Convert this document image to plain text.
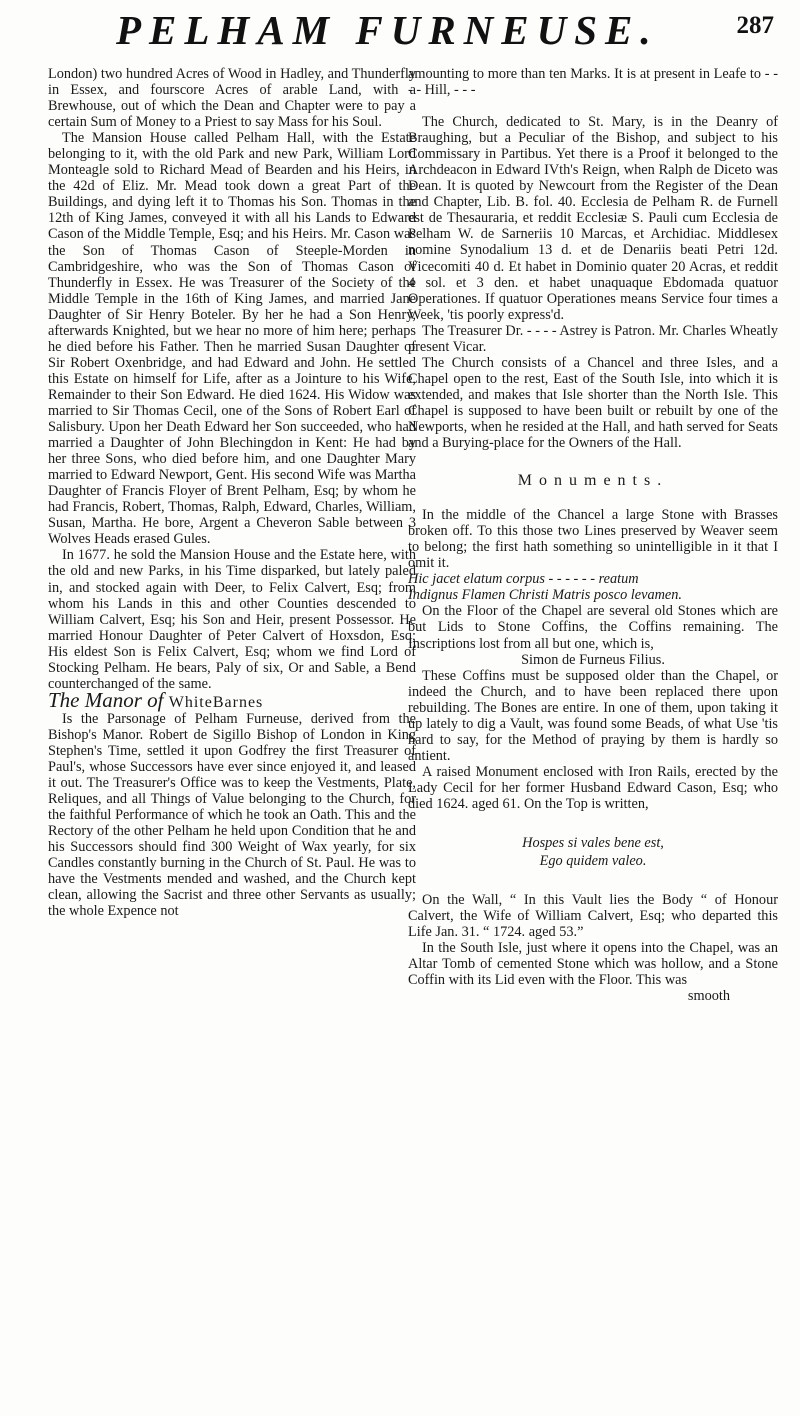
PELHAM FURNEUSE.	287

London) two hundred Acres of Wood in Hadley, and Thunderfly in Essex, and fourscore Acres of arable Land, with a Brewhouse, out of which the Dean and Chapter were to pay a certain Sum of Money to a Priest to say Mass for his Soul.

The Mansion House called Pelham Hall, with the Estate belonging to it, with the old Park and new Park, William Lord Monteagle sold to Richard Mead of Bearden and his Heirs, in the 42d of Eliz. Mr. Mead took down a great Part of the Buildings, and dying left it to Thomas his Son. Thomas in the 12th of King James, conveyed it with all his Lands to Edward Cason of the Middle Temple, Esq; and his Heirs. Mr. Cason was the Son of Thomas Cason of Steeple-Morden in Cambridgeshire, who was the Son of Thomas Cason of Thunderfly in Essex. He was Treasurer of the Society of the Middle Temple in the 16th of King James, and married Jane Daughter of Sir Henry Boteler. By her he had a Son Henry, afterwards Knighted, but we hear no more of him here; perhaps he died before his Father. Then he married Susan Daughter of Sir Robert Oxenbridge, and had Edward and John. He settled this Estate on himself for Life, after as a Jointure to his Wife, Remainder to their Son Edward. He died 1624. His Widow was married to Sir Thomas Cecil, one of the Sons of Robert Earl of Salisbury. Upon her Death Edward her Son succeeded, who had married a Daughter of John Blechingdon in Kent: He had by her three Sons, who died before him, and one Daughter Mary married to Edward Newport, Gent. His second Wife was Martha Daughter of Francis Floyer of Brent Pelham, Esq; by whom he had Francis, Robert, Thomas, Ralph, Edward, Charles, William, Susan, Martha. He bore, Argent a Cheveron Sable between 3 Wolves Heads erased Gules.

In 1677. he sold the Mansion House and the Estate here, with the old and new Parks, in his Time disparked, but lately paled in, and stocked again with Deer, to Felix Calvert, Esq; from whom his Lands in this and other Counties descended to William Calvert, Esq; his Son and Heir, present Possessor. He married Honour Daughter of Peter Calvert of Hoxsdon, Esq; His eldest Son is Felix Calvert, Esq; whom we find Lord of Stocking Pelham. He bears, Paly of six, Or and Sable, a Bend counterchanged of the same.

The Manor of WhiteBarnes

Is the Parsonage of Pelham Furneuse, derived from the Bishop's Manor. Robert de Sigillo Bishop of London in King Stephen's Time, settled it upon Godfrey the first Treasurer of Paul's, whose Successors have ever since enjoyed it, and leased it out. The Treasurer's Office was to keep the Vestments, Plate, Reliques, and all Things of Value belonging to the Church, for the faithful Performance of which he took an Oath. This and the Rectory of the other Pelham he held upon Condition that he and his Successors should find 300 Weight of Wax yearly, for six Candles constantly burning in the Church of St. Paul. He was to have the Vestments mended and washed, and the Church kept clean, allowing the Sacrist and three other Servants as usually; the whole Expence not

amounting to more than ten Marks. It is at present in Leafe to - - - - Hill, - - -

The Church, dedicated to St. Mary, is in the Deanry of Braughing, but a Peculiar of the Bishop, and subject to his Commissary in Partibus. Yet there is a Proof it belonged to the Archdeacon in Edward IVth's Reign, when Ralph de Diceto was Dean. It is quoted by Newcourt from the Register of the Dean and Chapter, Lib. B. fol. 40. Ecclesia de Pelham R. de Furnell est de Thesauraria, et reddit Ecclesiæ S. Pauli cum Ecclesia de Pelham W. de Sarneriis 10 Marcas, et Archidiac. Middlesex nomine Synodalium 13 d. et de Denariis beati Petri 12d. Vicecomiti 40 d. Et habet in Dominio quater 20 Acras, et reddit 4 sol. et 3 den. et habet unaquaque Ebdomada quatuor Operationes. If quatuor Operationes means Service four times a Week, 'tis poorly express'd.

The Treasurer Dr. - - - - Astrey is Patron. Mr. Charles Wheatly present Vicar.

The Church consists of a Chancel and three Isles, and a Chapel open to the rest, East of the South Isle, into which it is extended, and makes that Isle shorter than the North Isle. This Chapel is supposed to have been built or rebuilt by one of the Newports, when he resided at the Hall, and hath served for Seats and a Burying-place for the Owners of the Hall.

Monuments.

In the middle of the Chancel a large Stone with Brasses broken off. To this those two Lines preserved by Weaver seem to belong; the first hath something so unintelligible in it that I omit it.

Hic jacet elatum corpus - - - - - - reatum
Indignus Flamen Christi Matris poscо levamen.

On the Floor of the Chapel are several old Stones which are but Lids to Stone Coffins, the Coffins remaining. The Inscriptions lost from all but one, which is,

Simon de Furneus Filius.

These Coffins must be supposed older than the Chapel, or indeed the Church, and to have been replaced there upon rebuilding. The Bones are entire. In one of them, upon taking it up lately to dig a Vault, was found some Beads, of what Use 'tis hard to say, for the Method of praying by them is hardly so antient.

A raised Monument enclosed with Iron Rails, erected by the Lady Cecil for her former Husband Edward Cason, Esq; who died 1624. aged 61. On the Top is written,

Hospes si vales bene est,
Ego quidem valeo.

On the Wall, “ In this Vault lies the Body “ of Honour Calvert, the Wife of William Calvert, Esq; who departed this Life Jan. 31. “ 1724. aged 53.”

In the South Isle, just where it opens into the Chapel, was an Altar Tomb of cemented Stone which was hollow, and a Stone Coffin with its Lid even with the Floor. This was

smooth
